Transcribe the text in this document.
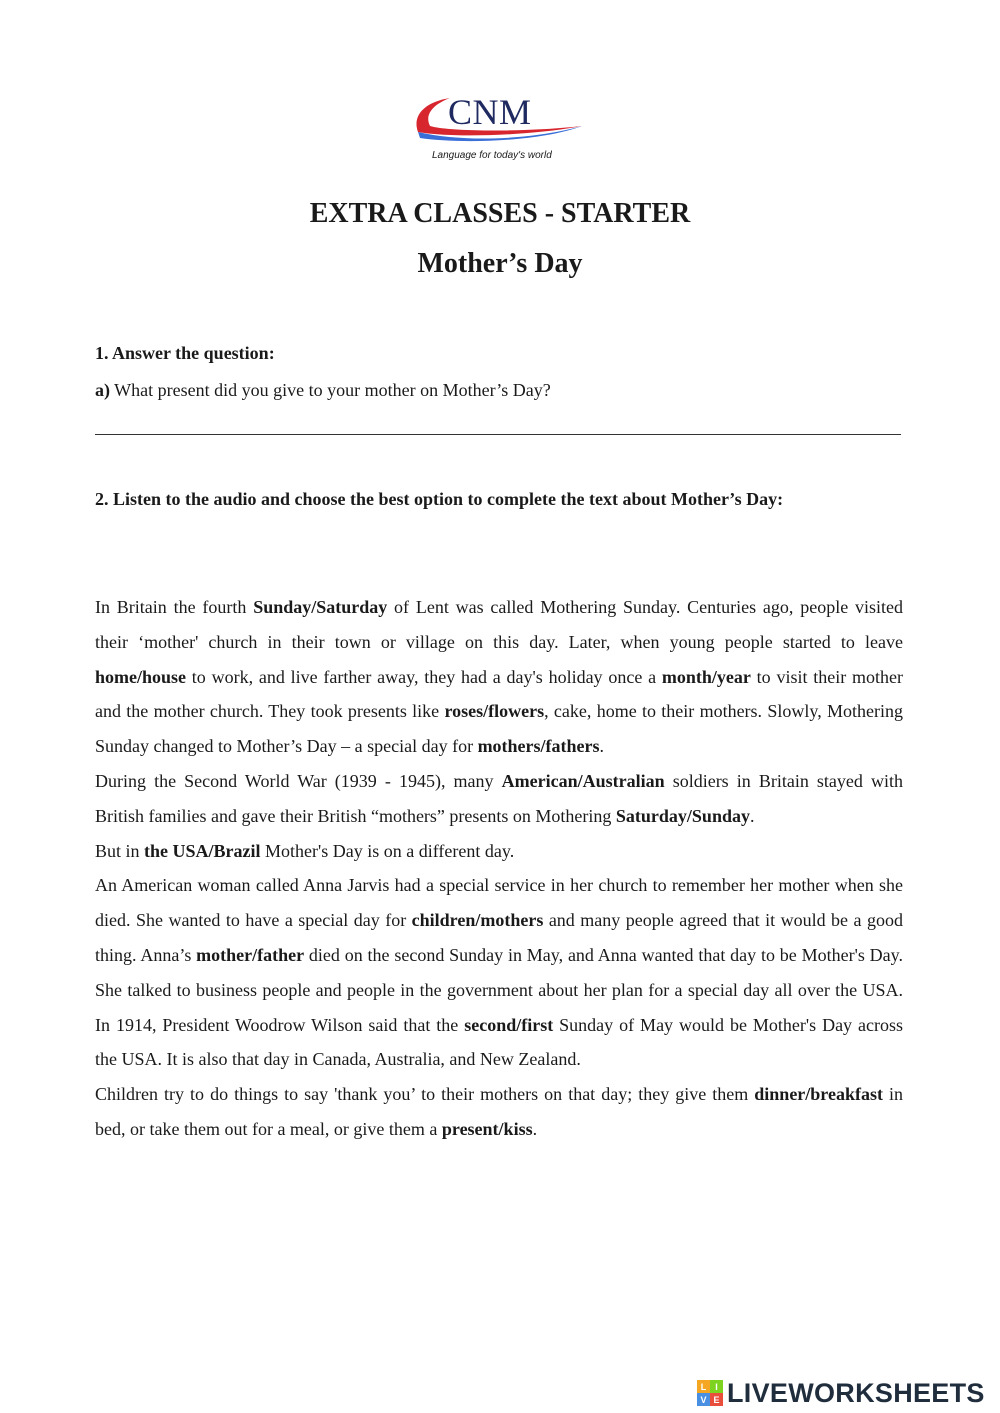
CNM
Language for today's world
EXTRA CLASSES - STARTER
Mother’s Day

1. Answer the question:

a) What present did you give to your mother on Mother’s Day?

2. Listen to the audio and choose the best option to complete the text about Mother’s Day:

In Britain the fourth Sunday/Saturday of Lent was called Mothering Sunday. Centuries ago, people visited their ‘mother' church in their town or village on this day. Later, when young people started to leave home/house to work, and live farther away, they had a day's holiday once a month/year to visit their mother and the mother church. They took presents like roses/flowers, cake, home to their mothers. Slowly, Mothering Sunday changed to Mother’s Day – a special day for mothers/fathers.

During the Second World War (1939 - 1945), many American/Australian soldiers in Britain stayed with British families and gave their British “mothers” presents on Mothering Saturday/Sunday.

But in the USA/Brazil Mother's Day is on a different day.

An American woman called Anna Jarvis had a special service in her church to remember her mother when she died. She wanted to have a special day for children/mothers and many people agreed that it would be a good thing. Anna’s mother/father died on the second Sunday in May, and Anna wanted that day to be Mother's Day. She talked to business people and people in the government about her plan for a special day all over the USA. In 1914, President Woodrow Wilson said that the second/first Sunday of May would be Mother's Day across the USA. It is also that day in Canada, Australia, and New Zealand.

Children try to do things to say 'thank you’ to their mothers on that day; they give them dinner/breakfast in bed, or take them out for a meal, or give them a present/kiss.

L I
V E LIVEWORKSHEETS
